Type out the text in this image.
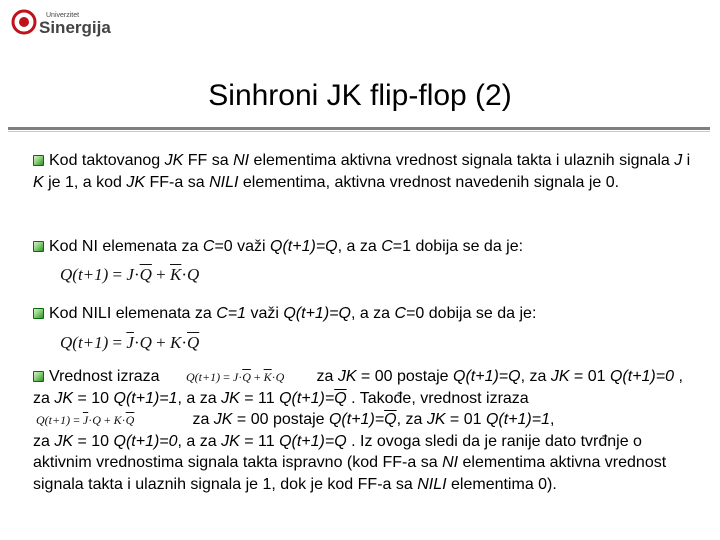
Univerzitet
Sinergija
Sinhroni JK flip-flop (2)
Kod taktovanog JK FF sa NI elementima aktivna vrednost signala takta i ulaznih signala J i K je 1, a kod JK FF-a sa NILI elementima, aktivna vrednost navedenih signala je 0.
Kod NI elemenata za C=0 važi Q(t+1)=Q, a za C=1 dobija se da je:
$Q(t+1) = J\cdot\overline{Q} + \overline{K}\cdot Q$
Kod NILI elemenata za C=1 važi Q(t+1)=Q, a za C=0 dobija se da je:
$Q(t+1) = \overline{J}\cdot Q + K\cdot\overline{Q}$
Vrednost izraza	za JK = 00 postaje Q(t+1)=Q, za JK = 01 Q(t+1)=0 , za JK = 10 Q(t+1)=1, a za JK = 11 $Q(t+1)=\overline{Q}$ . Takođe, vrednost izraza
za JK = 00 postaje $Q(t+1)=\overline{Q}$, za JK = 01 Q(t+1)=1,
za JK = 10 Q(t+1)=0, a za JK = 11 Q(t+1)=Q . Iz ovoga sledi da je ranije dato tvrđnje o aktivnim vrednostima signala takta ispravno (kod FF-a sa NI elementima aktivna vrednost signala takta i ulaznih signala je 1, dok je kod FF-a sa NILI elementima 0).
$Q(t+1) = J\cdot\overline{Q} + \overline{K}\cdot Q$
$Q(t+1) = \overline{J}\cdot Q + K\cdot\overline{Q}$
